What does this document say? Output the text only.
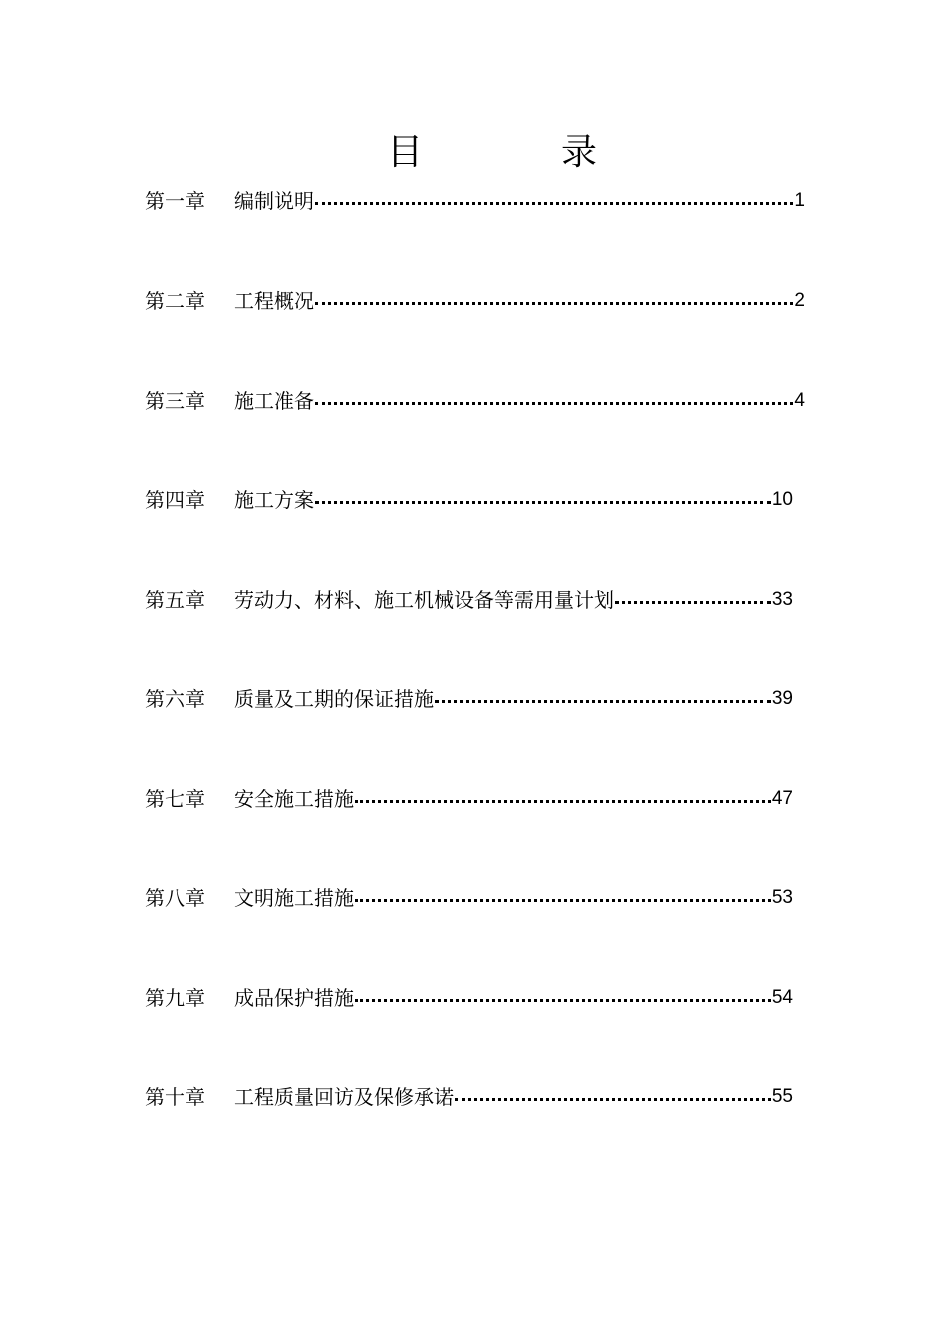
目	录
第一章	编制说明	1
第二章	工程概况	2
第三章	施工准备	4
第四章	施工方案	10
第五章	劳动力、材料、施工机械设备等需用量计划	33
第六章	质量及工期的保证措施	39
第七章	安全施工措施	47
第八章	文明施工措施	53
第九章	成品保护措施	54
第十章	工程质量回访及保修承诺	55
